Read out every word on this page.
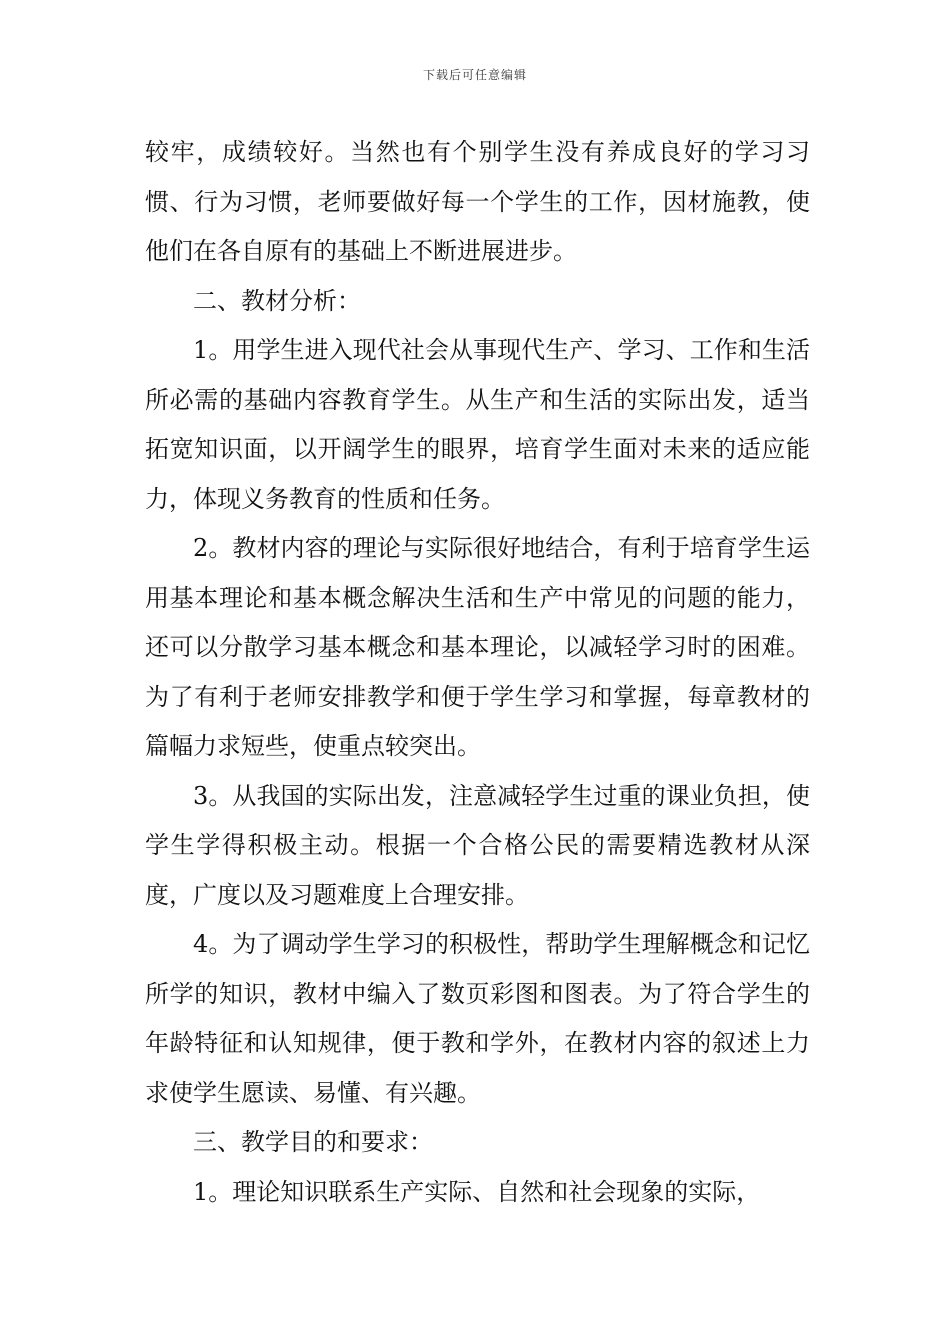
下载后可任意编辑

较牢，成绩较好。当然也有个别学生没有养成良好的学习习惯、行为习惯，老师要做好每一个学生的工作，因材施教，使他们在各自原有的基础上不断进展进步。

二、教材分析：

1。用学生进入现代社会从事现代生产、学习、工作和生活所必需的基础内容教育学生。从生产和生活的实际出发，适当拓宽知识面，以开阔学生的眼界，培育学生面对未来的适应能力，体现义务教育的性质和任务。

2。教材内容的理论与实际很好地结合，有利于培育学生运用基本理论和基本概念解决生活和生产中常见的问题的能力，还可以分散学习基本概念和基本理论，以减轻学习时的困难。为了有利于老师安排教学和便于学生学习和掌握，每章教材的篇幅力求短些，使重点较突出。

3。从我国的实际出发，注意减轻学生过重的课业负担，使学生学得积极主动。根据一个合格公民的需要精选教材从深度，广度以及习题难度上合理安排。

4。为了调动学生学习的积极性，帮助学生理解概念和记忆所学的知识，教材中编入了数页彩图和图表。为了符合学生的年龄特征和认知规律，便于教和学外，在教材内容的叙述上力求使学生愿读、易懂、有兴趣。

三、教学目的和要求：

1。理论知识联系生产实际、自然和社会现象的实际，
